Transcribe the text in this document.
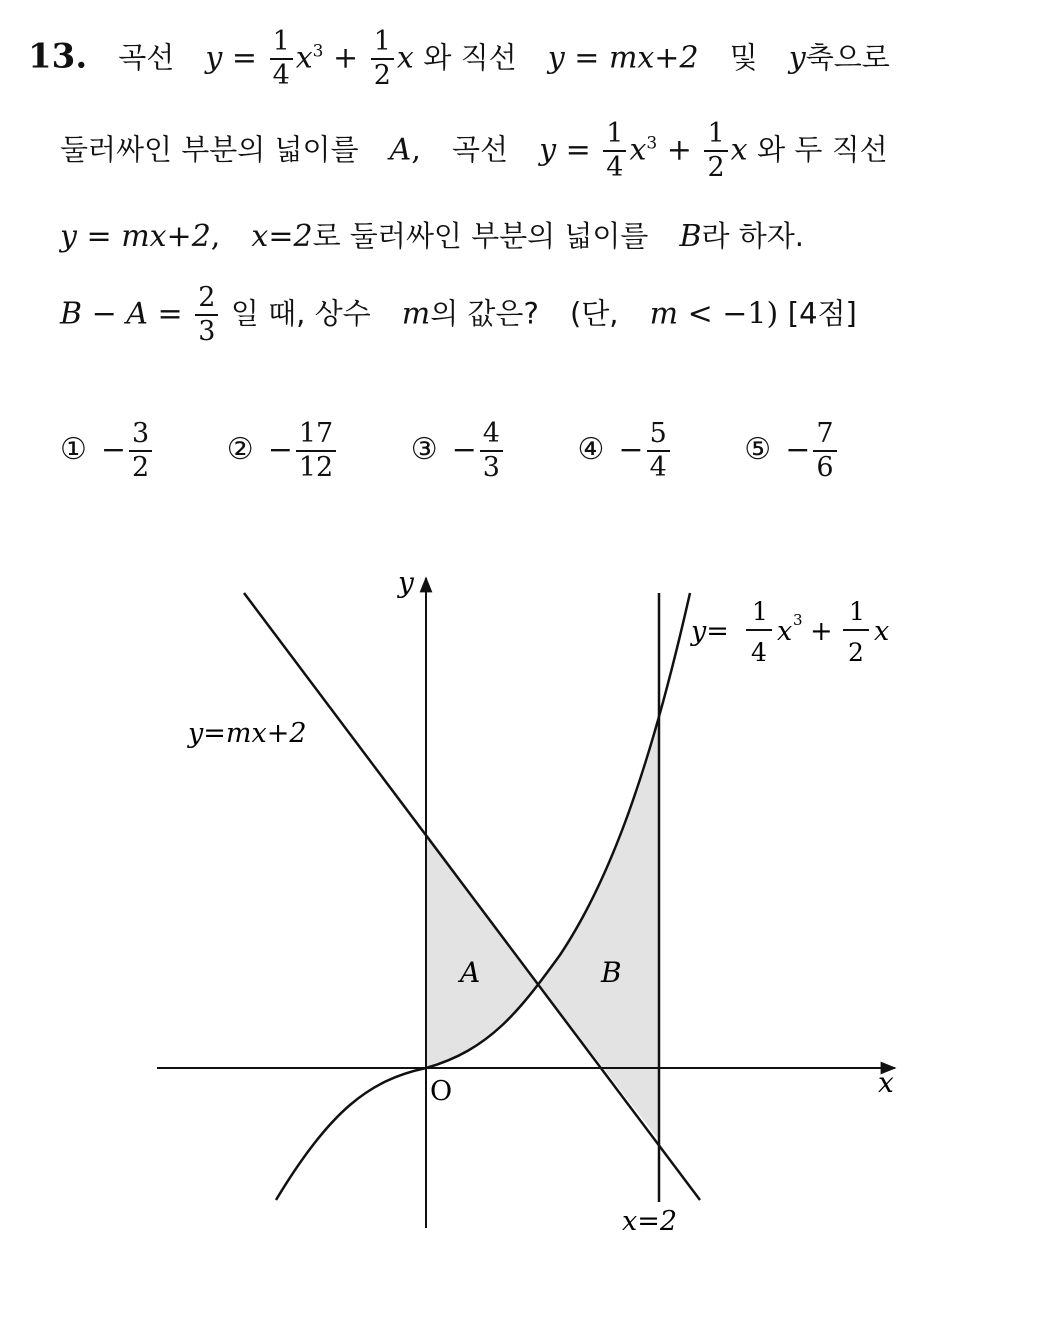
13. 곡선 $y = \frac{1}{4} x^3 + \frac{1}{2}$ x 와 직선 y = mx+2 및 y축으로
둘러싸인 부분의 넓이를 A, 곡선 $y = \frac{1}{4} x^3 + \frac{1}{2}$ x 와 두 직선
y = mx+2, x=2로 둘러싸인 부분의 넓이를 B라 하자.
$B - A = \frac{2}{3}$ 일 때, 상수 m의 값은? (단, m < −1) [4점]
① − $\frac{3}{2}$ ② − $\frac{17}{12}$ ③ − $\frac{4}{3}$ ④ − $\frac{5}{4}$ ⑤ − $\frac{7}{6}$
y
x
O
A	B
y=mx+2
x=2
y=
1
4
x 3 +
1
2
x
